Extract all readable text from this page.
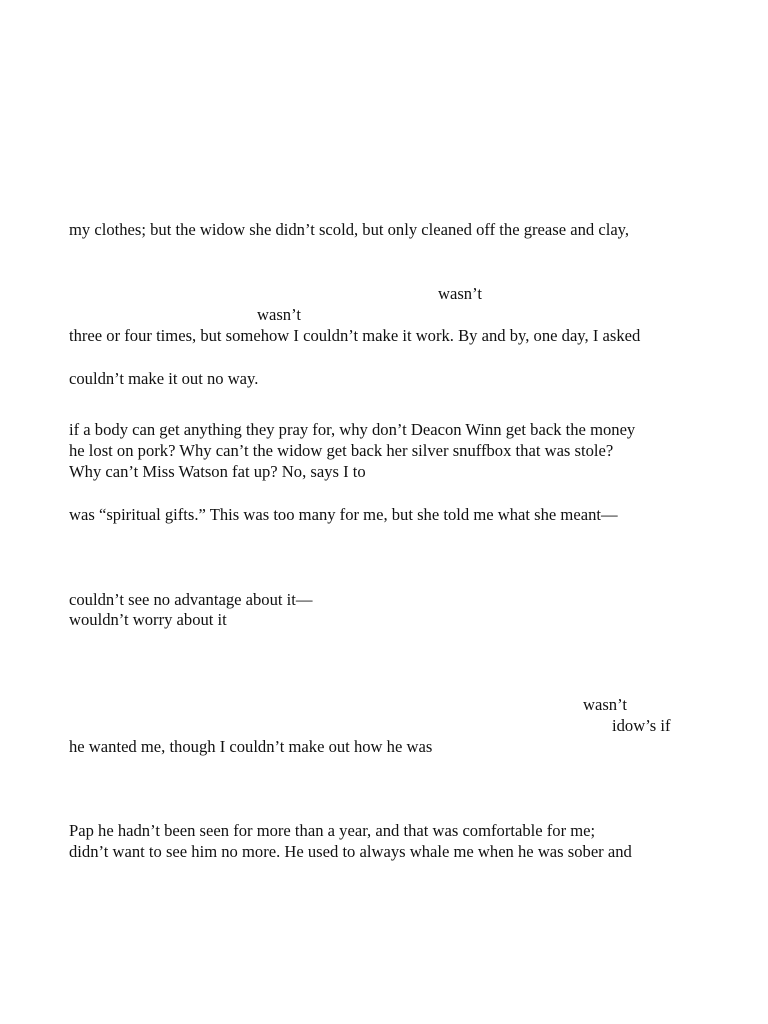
my clothes; but the widow she didn’t scold, but only cleaned off the grease and clay,

wasn’t

wasn’t

three or four times, but somehow I couldn’t make it work. By and by, one day, I asked

couldn’t make it out no way.

if a body can get anything they pray for, why don’t Deacon Winn get back the money

he lost on pork? Why can’t the widow get back her silver snuffbox that was stole?

Why can’t Miss Watson fat up? No, says I to

was “spiritual gifts.” This was too many for me, but she told me what she meant—

couldn’t see no advantage about it—

wouldn’t worry about it

wasn’t

idow’s if

he wanted me, though I couldn’t make out how he was

Pap he hadn’t been seen for more than a year, and that was comfortable for me;

didn’t want to see him no more. He used to always whale me when he was sober and
